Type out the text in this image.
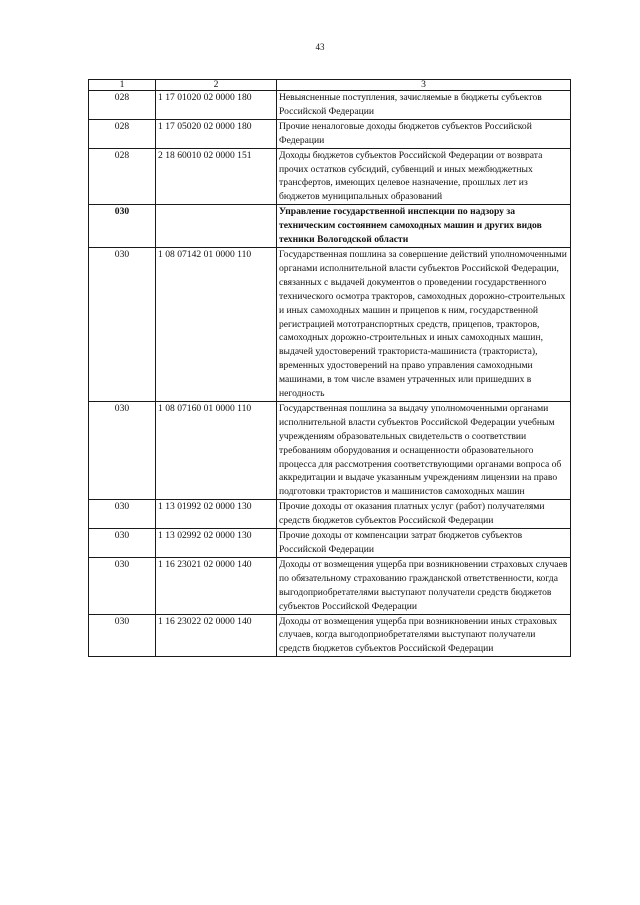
43
1	2	3
028	1 17 01020 02 0000 180	Невыясненные поступления, зачисляемые в бюджеты субъектов Российской Федерации
028	1 17 05020 02 0000 180	Прочие неналоговые доходы бюджетов субъектов Российской Федерации
028	2 18 60010 02 0000 151	Доходы бюджетов субъектов Российской Федерации от возврата прочих остатков субсидий, субвенций и иных межбюджетных трансфертов, имеющих целевое назначение, прошлых лет из бюджетов муниципальных образований
030		Управление государственной инспекции по надзору за техническим состоянием самоходных машин и других видов техники Вологодской области
030	1 08 07142 01 0000 110	Государственная пошлина за совершение действий уполномоченными органами исполнительной власти субъектов Российской Федерации, связанных с выдачей документов о проведении государственного технического осмотра тракторов, самоходных дорожно-строительных и иных самоходных машин и прицепов к ним, государственной регистрацией мототранспортных средств, прицепов, тракторов, самоходных дорожно-строительных и иных самоходных машин, выдачей удостоверений тракториста-машиниста (тракториста), временных удостоверений на право управления самоходными машинами, в том числе взамен утраченных или пришедших в негодность
030	1 08 07160 01 0000 110	Государственная пошлина за выдачу уполномоченными органами исполнительной власти субъектов Российской Федерации учебным учреждениям образовательных свидетельств о соответствии требованиям оборудования и оснащенности образовательного процесса для рассмотрения соответствующими органами вопроса об аккредитации и выдаче указанным учреждениям лицензии на право подготовки трактористов и машинистов самоходных машин
030	1 13 01992 02 0000 130	Прочие доходы от оказания платных услуг (работ) получателями средств бюджетов субъектов Российской Федерации
030	1 13 02992 02 0000 130	Прочие доходы от компенсации затрат бюджетов субъектов Российской Федерации
030	1 16 23021 02 0000 140	Доходы от возмещения ущерба при возникновении страховых случаев по обязательному страхованию гражданской ответственности, когда выгодоприобретателями выступают получатели средств бюджетов субъектов Российской Федерации
030	1 16 23022 02 0000 140	Доходы от возмещения ущерба при возникновении иных страховых случаев, когда выгодоприобретателями выступают получатели средств бюджетов субъектов Российской Федерации
